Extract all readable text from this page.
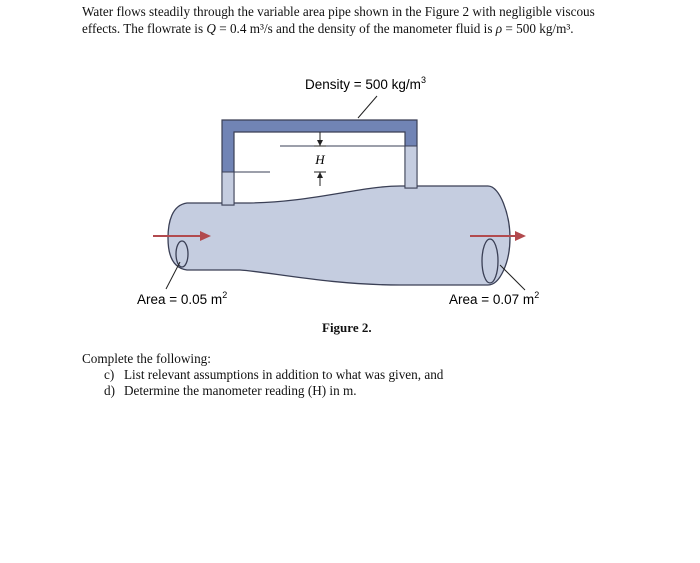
Water flows steadily through the variable area pipe shown in the Figure 2 with negligible viscous effects. The flowrate is Q = 0.4 m³/s and the density of the manometer fluid is ρ = 500 kg/m³.
H
Density = 500 $kg/m^3$
Area = 0.05 $m^2$	Area = 0.07 $m^2$
Figure 2.
Complete the following:
c) List relevant assumptions in addition to what was given, and
d) Determine the manometer reading (H) in m.
